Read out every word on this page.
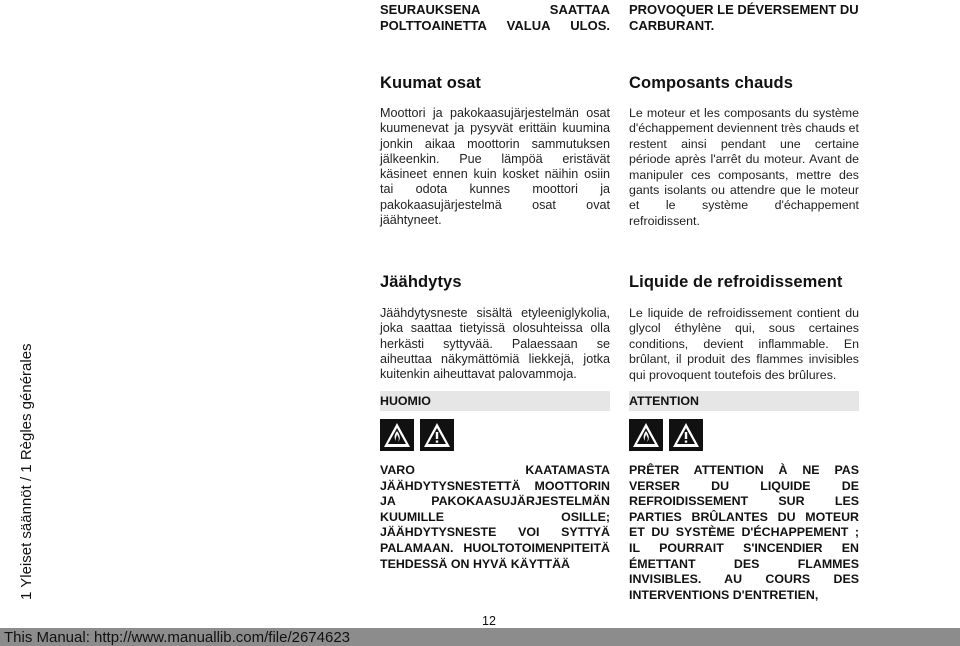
SEURAUKSENA SAATTAA POLTTOAINETTA VALUA ULOS.

PROVOQUER LE DÉVERSEMENT DU CARBURANT.

Kuumat osat	Composants chauds

Moottori ja pakokaasujärjestelmän osat kuumenevat ja pysyvät erittäin kuumina jonkin aikaa moottorin sammutuksen jälkeenkin. Pue lämpöä eristävät käsineet ennen kuin kosket näihin osiin tai odota kunnes moottori ja pakokaasujärjestelmä osat ovat jäähtyneet.

Le moteur et les composants du système d'échappement deviennent très chauds et restent ainsi pendant une certaine période après l'arrêt du moteur. Avant de manipuler ces composants, mettre des gants isolants ou attendre que le moteur et le système d'échappement refroidissent.

Jäähdytys	Liquide de refroidissement

Jäähdytysneste sisältä etyleeniglykolia, joka saattaa tietyissä olosuhteissa olla herkästi syttyvää. Palaessaan se aiheuttaa näkymättömiä liekkejä, jotka kuitenkin aiheuttavat palovammoja.

Le liquide de refroidissement contient du glycol éthylène qui, sous certaines conditions, devient inflammable. En brûlant, il produit des flammes invisibles qui provoquent toutefois des brûlures.

HUOMIO	ATTENTION

VARO KAATAMASTA JÄÄHDYTYSNESTETTÄ MOOTTORIN JA PAKOKAASUJÄRJESTELMÄN KUUMILLE OSILLE; JÄÄHDYTYSNESTE VOI SYTTYÄ PALAMAAN. HUOLTOTOIMENPITEITÄ TEHDESSÄ ON HYVÄ KÄYTTÄÄ

PRÊTER ATTENTION À NE PAS VERSER DU LIQUIDE DE REFROIDISSEMENT SUR LES PARTIES BRÛLANTES DU MOTEUR ET DU SYSTÈME D'ÉCHAPPEMENT ; IL POURRAIT S'INCENDIER EN ÉMETTANT DES FLAMMES INVISIBLES. AU COURS DES INTERVENTIONS D'ENTRETIEN,

1 Yleiset säännöt / 1 Règles générales
12
This Manual: http://www.manuallib.com/file/2674623
